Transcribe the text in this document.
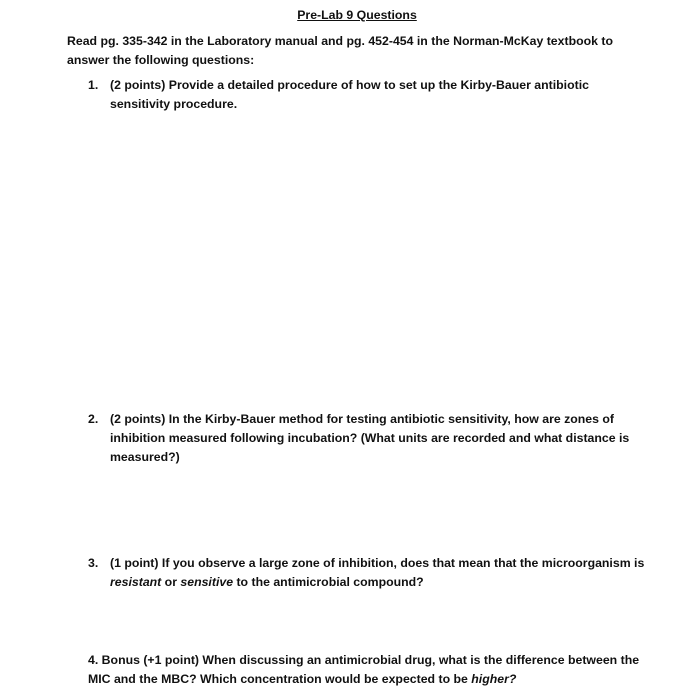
Pre-Lab 9 Questions
Read pg. 335-342 in the Laboratory manual and pg. 452-454 in the Norman-McKay textbook to answer the following questions:
1. (2 points) Provide a detailed procedure of how to set up the Kirby-Bauer antibiotic sensitivity procedure.
2. (2 points) In the Kirby-Bauer method for testing antibiotic sensitivity, how are zones of inhibition measured following incubation? (What units are recorded and what distance is measured?)
3. (1 point) If you observe a large zone of inhibition, does that mean that the microorganism is resistant or sensitive to the antimicrobial compound?
4. Bonus (+1 point) When discussing an antimicrobial drug, what is the difference between the MIC and the MBC? Which concentration would be expected to be higher?
